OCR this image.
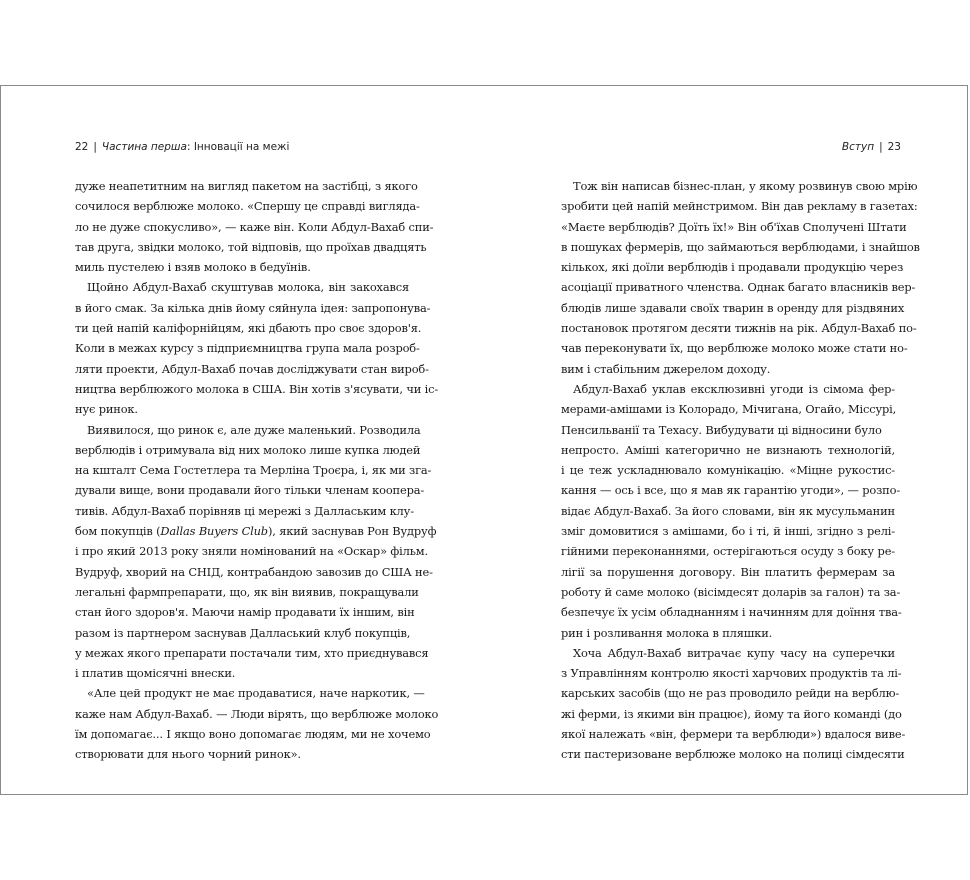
22 | Частина перша: Інновації на межі
дуже неапетитним на вигляд пакетом на застібці, з якого
сочилося верблюже молоко. «Спершу це справді вигляда-
ло не дуже спокусливо», — каже він. Коли Абдул-Вахаб спи-
тав друга, звідки молоко, той відповів, що проїхав двадцять
миль пустелею і взяв молоко в бедуїнів.
Щойно Абдул-Вахаб скуштував молока, він закохався
в його смак. За кілька днів йому сяйнула ідея: запропонува-
ти цей напій каліфорнійцям, які дбають про своє здоров'я.
Коли в межах курсу з підприємництва група мала розроб-
ляти проекти, Абдул-Вахаб почав досліджувати стан вироб-
ництва верблюжого молока в США. Він хотів з'ясувати, чи іс-
нує ринок.
Виявилося, що ринок є, але дуже маленький. Розводила
верблюдів і отримувала від них молоко лише купка людей
на кшталт Сема Гостетлера та Мерліна Троєра, і, як ми зга-
дували вище, вони продавали його тільки членам кооперa-
тивів. Абдул-Вахаб порівняв ці мережі з Даллаським клу-
бом покупців (Dallas Buyers Club), який заснував Рон Вудруф
і про який 2013 року зняли номінований на «Оскар» фільм.
Вудруф, хворий на СНІД, контрабандою завозив до США не-
легальні фармпрепарати, що, як він виявив, покращували
стан його здоров'я. Маючи намір продавати їх іншим, він
разом із партнером заснував Далласький клуб покупців,
у межах якого препарати постачали тим, хто приєднувався
і платив щомісячні внески.
«Але цей продукт не має продаватися, наче наркотик, —
каже нам Абдул-Вахаб. — Люди вірять, що верблюже молоко
їм допомагає... І якщо воно допомагає людям, ми не хочемо
створювати для нього чорний ринок».
Вступ | 23
Тож він написав бізнес-план, у якому розвинув свою мрію
зробити цей напій мейнстримом. Він дав рекламу в газетах:
«Маєте верблюдів? Доїть їх!» Він об'їхав Сполучені Штати
в пошуках фермерів, що займаються верблюдами, і знайшов
кількох, які доїли верблюдів і продавали продукцію через
асоціації приватного членства. Однак багато власників вер-
блюдів лише здавали своїх тварин в оренду для різдвяних
постановок протягом десяти тижнів на рік. Абдул-Вахаб по-
чав переконувати їх, що верблюже молоко може стати но-
вим і стабільним джерелом доходу.
Абдул-Вахаб уклав ексклюзивні угоди із сімома фер-
мерами-амішами із Колорадо, Мічигана, Огайо, Міссурі,
Пенсильванії та Техасу. Вибудувати ці відносини було
непросто. Аміші категорично не визнають технологій,
і це теж ускладнювало комунікацію. «Міцне рукостис-
кання — ось і все, що я мав як гарантію угоди», — розпо-
відає Абдул-Вахаб. За його словами, він як мусульманин
зміг домовитися з амішами, бо і ті, й інші, згідно з релі-
гійними переконаннями, остерігаються осуду з боку ре-
лігії за порушення договору. Він платить фермерам за
роботу й саме молоко (вісімдесят доларів за галон) та за-
безпечує їх усім обладнанням і начинням для доїння тва-
рин і розливання молока в пляшки.
Хоча Абдул-Вахаб витрачає купу часу на суперечки
з Управлінням контролю якості харчових продуктів та лі-
карських засобів (що не раз проводило рейди на верблю-
жі ферми, із якими він працює), йому та його команді (до
якої належать «він, фермери та верблюди») вдалося вивe-
сти пастеризоване верблюже молоко на полиці сімдесяти
